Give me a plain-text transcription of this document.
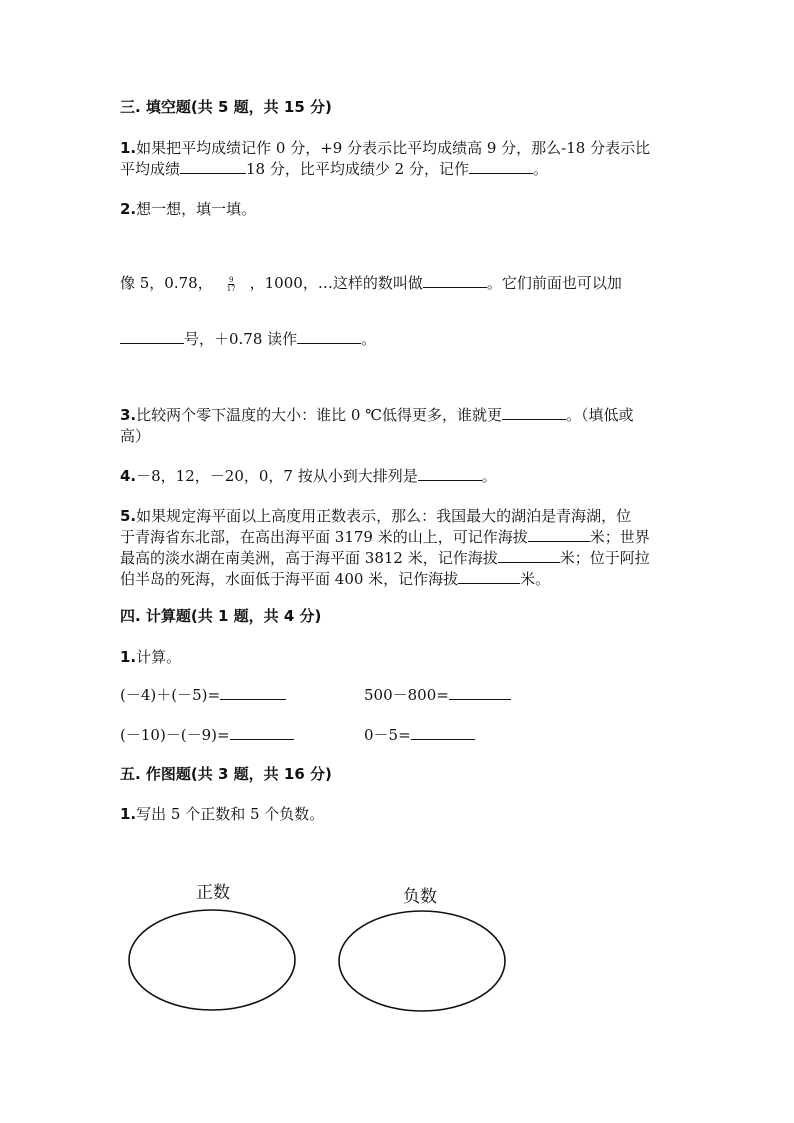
三. 填空题(共 5 题，共 15 分)
1.如果把平均成绩记作 0 分，+9 分表示比平均成绩高 9 分，那么-18 分表示比
平均成绩	18 分，比平均成绩少 2 分，记作	。
2.想一想，填一填。
像 5，0.78， $\frac{9}{17}$ ，1000，…这样的数叫做	。它们前面也可以加
号，＋0.78 读作	。
3.比较两个零下温度的大小：谁比 0 ℃低得更多，谁就更	。（填低或
高）
4.－8，12，－20，0，7 按从小到大排列是	。
5.如果规定海平面以上高度用正数表示，那么：我国最大的湖泊是青海湖，位
于青海省东北部，在高出海平面 3179 米的山上，可记作海拔	米；世界
最高的淡水湖在南美洲，高于海平面 3812 米，记作海拔	米；位于阿拉
伯半岛的死海，水面低于海平面 400 米，记作海拔	米。
四. 计算题(共 1 题，共 4 分)
1.计算。
(－4)＋(－5)=	500－800=
(－10)－(－9)=	0－5=
五. 作图题(共 3 题，共 16 分)
1.写出 5 个正数和 5 个负数。
正数	负数
